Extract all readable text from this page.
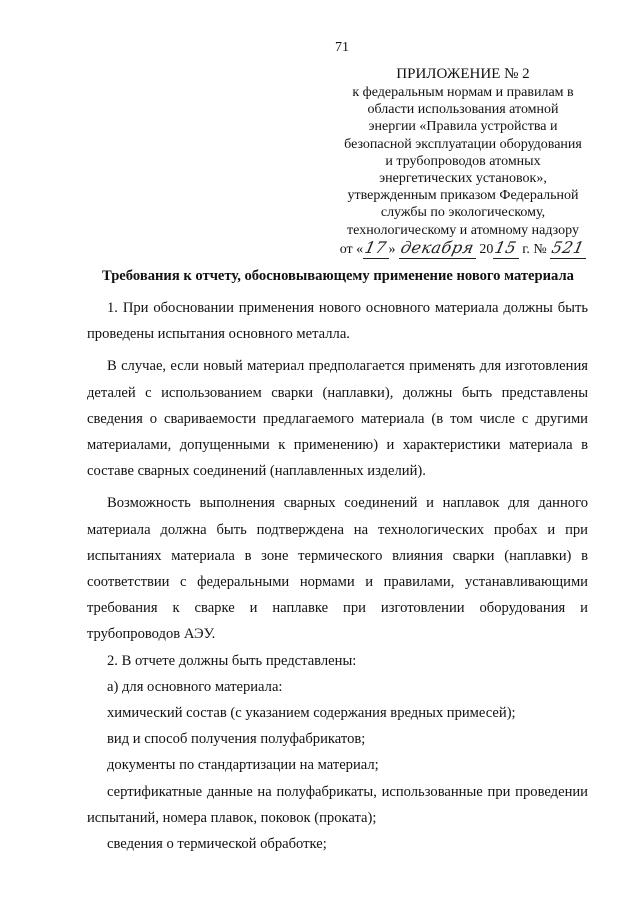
71
ПРИЛОЖЕНИЕ № 2
к федеральным нормам и правилам в
области использования атомной
энергии «Правила устройства и
безопасной эксплуатации оборудования
и трубопроводов атомных
энергетических установок»,
утвержденным приказом Федеральной
службы по экологическому,
технологическому и атомному надзору
от «17» декабря 2015 г. № 521
Требования к отчету, обосновывающему применение нового материала

1. При обосновании применения нового основного материала должны быть проведены испытания основного металла.

В случае, если новый материал предполагается применять для изготовления деталей с использованием сварки (наплавки), должны быть представлены сведения о свариваемости предлагаемого материала (в том числе с другими материалами, допущенными к применению) и характеристики материала в составе сварных соединений (наплавленных изделий).

Возможность выполнения сварных соединений и наплавок для данного материала должна быть подтверждена на технологических пробах и при испытаниях материала в зоне термического влияния сварки (наплавки) в соответствии с федеральными нормами и правилами, устанавливающими требования к сварке и наплавке при изготовлении оборудования и трубопроводов АЭУ.

2. В отчете должны быть представлены:

а) для основного материала:

химический состав (с указанием содержания вредных примесей);

вид и способ получения полуфабрикатов;

документы по стандартизации на материал;

сертификатные данные на полуфабрикаты, использованные при проведении испытаний, номера плавок, поковок (проката);

сведения о термической обработке;
